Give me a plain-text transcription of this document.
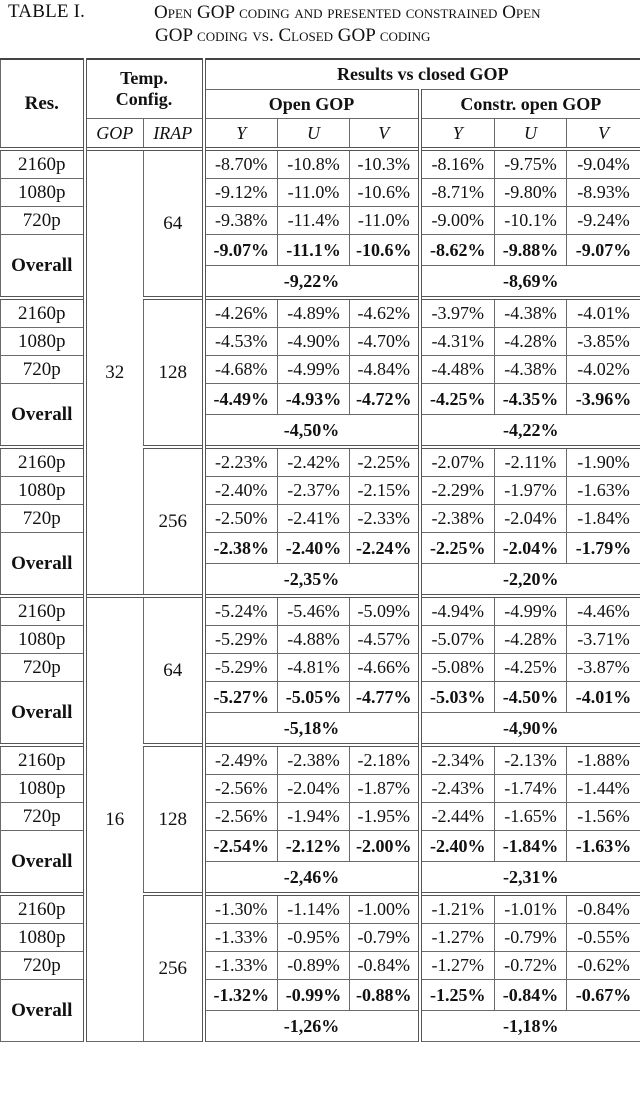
TABLE I.	Open GOP coding and presented constrained Open
GOP coding vs. Closed GOP coding
Res.	Temp.
Config.		Results vs closed GOP					
			Open GOP			Constr. open GOP		
	GOP	IRAP	Y	U	V	Y	U	V
2160p	32	64	-8.70%	-10.8%	-10.3%	-8.16%	-9.75%	-9.04%
1080p			-9.12%	-11.0%	-10.6%	-8.71%	-9.80%	-8.93%
720p			-9.38%	-11.4%	-11.0%	-9.00%	-10.1%	-9.24%
Overall			-9.07%	-11.1%	-10.6%	-8.62%	-9.88%	-9.07%
			-9,22%			-8,69%		
2160p		128	-4.26%	-4.89%	-4.62%	-3.97%	-4.38%	-4.01%
1080p			-4.53%	-4.90%	-4.70%	-4.31%	-4.28%	-3.85%
720p			-4.68%	-4.99%	-4.84%	-4.48%	-4.38%	-4.02%
Overall			-4.49%	-4.93%	-4.72%	-4.25%	-4.35%	-3.96%
			-4,50%			-4,22%		
2160p		256	-2.23%	-2.42%	-2.25%	-2.07%	-2.11%	-1.90%
1080p			-2.40%	-2.37%	-2.15%	-2.29%	-1.97%	-1.63%
720p			-2.50%	-2.41%	-2.33%	-2.38%	-2.04%	-1.84%
Overall			-2.38%	-2.40%	-2.24%	-2.25%	-2.04%	-1.79%
			-2,35%			-2,20%		
2160p	16	64	-5.24%	-5.46%	-5.09%	-4.94%	-4.99%	-4.46%
1080p			-5.29%	-4.88%	-4.57%	-5.07%	-4.28%	-3.71%
720p			-5.29%	-4.81%	-4.66%	-5.08%	-4.25%	-3.87%
Overall			-5.27%	-5.05%	-4.77%	-5.03%	-4.50%	-4.01%
			-5,18%			-4,90%		
2160p		128	-2.49%	-2.38%	-2.18%	-2.34%	-2.13%	-1.88%
1080p			-2.56%	-2.04%	-1.87%	-2.43%	-1.74%	-1.44%
720p			-2.56%	-1.94%	-1.95%	-2.44%	-1.65%	-1.56%
Overall			-2.54%	-2.12%	-2.00%	-2.40%	-1.84%	-1.63%
			-2,46%			-2,31%		
2160p		256	-1.30%	-1.14%	-1.00%	-1.21%	-1.01%	-0.84%
1080p			-1.33%	-0.95%	-0.79%	-1.27%	-0.79%	-0.55%
720p			-1.33%	-0.89%	-0.84%	-1.27%	-0.72%	-0.62%
Overall			-1.32%	-0.99%	-0.88%	-1.25%	-0.84%	-0.67%
			-1,26%			-1,18%		
